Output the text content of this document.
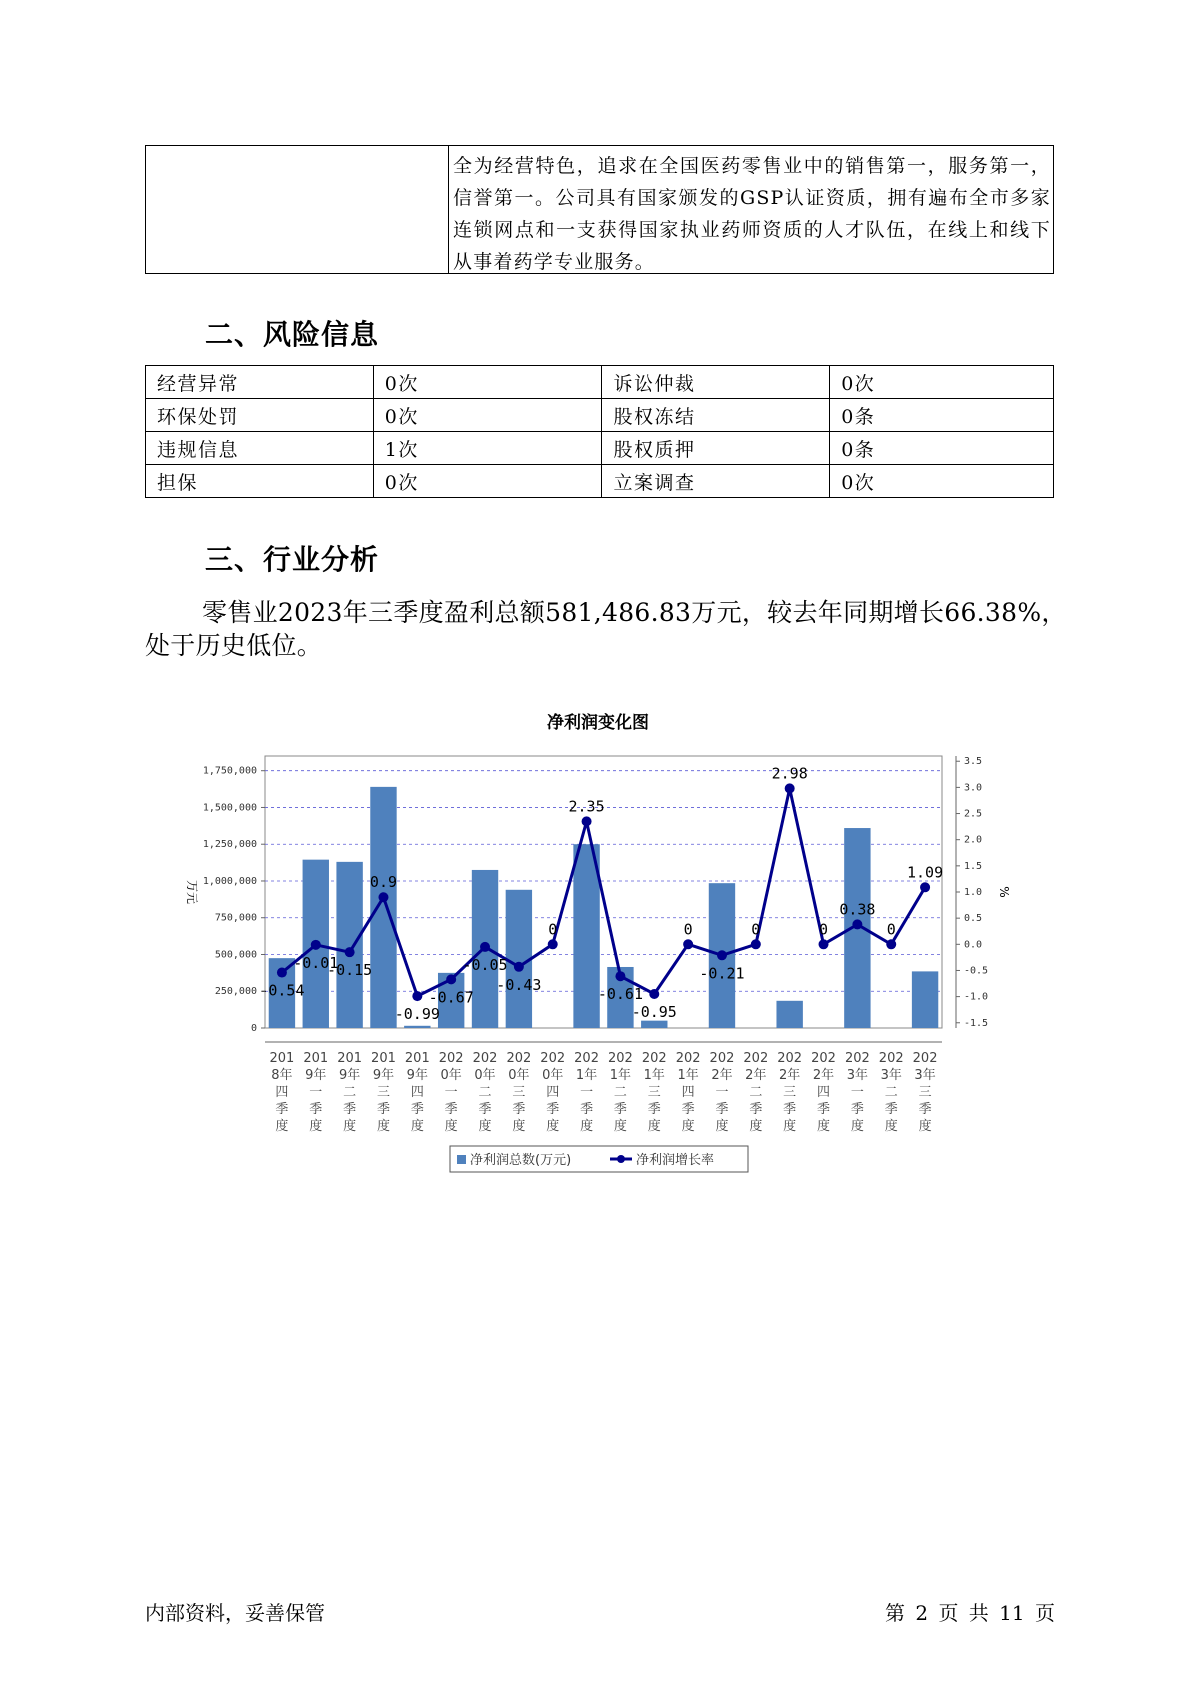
全为经营特色，追求在全国医药零售业中的销售第一，服务第一，信誉第一。公司具有国家颁发的GSP认证资质，拥有遍布全市多家连锁网点和一支获得国家执业药师资质的人才队伍，在线上和线下从事着药学专业服务。
二、风险信息
经营异常	0次	诉讼仲裁	0次
环保处罚	0次	股权冻结	0条
违规信息	1次	股权质押	0条
担保	0次	立案调查	0次
三、行业分析
零售业2023年三季度盈利总额581,486.83万元，较去年同期增长66.38%，处于历史低位。
净利润变化图
-0.54
-0.01
-0.15
0.9
-0.99
-0.67
-0.05
-0.43
0
2.35
-0.61
-0.95
0
-0.21
0
2.98
0
0.38
0
1.09
0
250,000
500,000
750,000
1,000,000
1,250,000
1,500,000
1,750,000
-1.5
-1.0
-0.5
0.0
0.5
1.0
1.5
2.0
2.5
3.0
3.5
201
8年
四
季
度
201
9年
一
季
度
201
9年
二
季
度
201
9年
三
季
度
201
9年
四
季
度
202
0年
一
季
度
202
0年
二
季
度
202
0年
三
季
度
202
0年
四
季
度
202
1年
一
季
度
202
1年
二
季
度
202
1年
三
季
度
202
1年
四
季
度
202
2年
一
季
度
202
2年
二
季
度
202
2年
三
季
度
202
2年
四
季
度
202
3年
一
季
度
202
3年
二
季
度
202
3年
三
季
度
万元	%
净利润总数(万元)	净利润增长率
内部资料，妥善保管	第 2 页 共 11 页
